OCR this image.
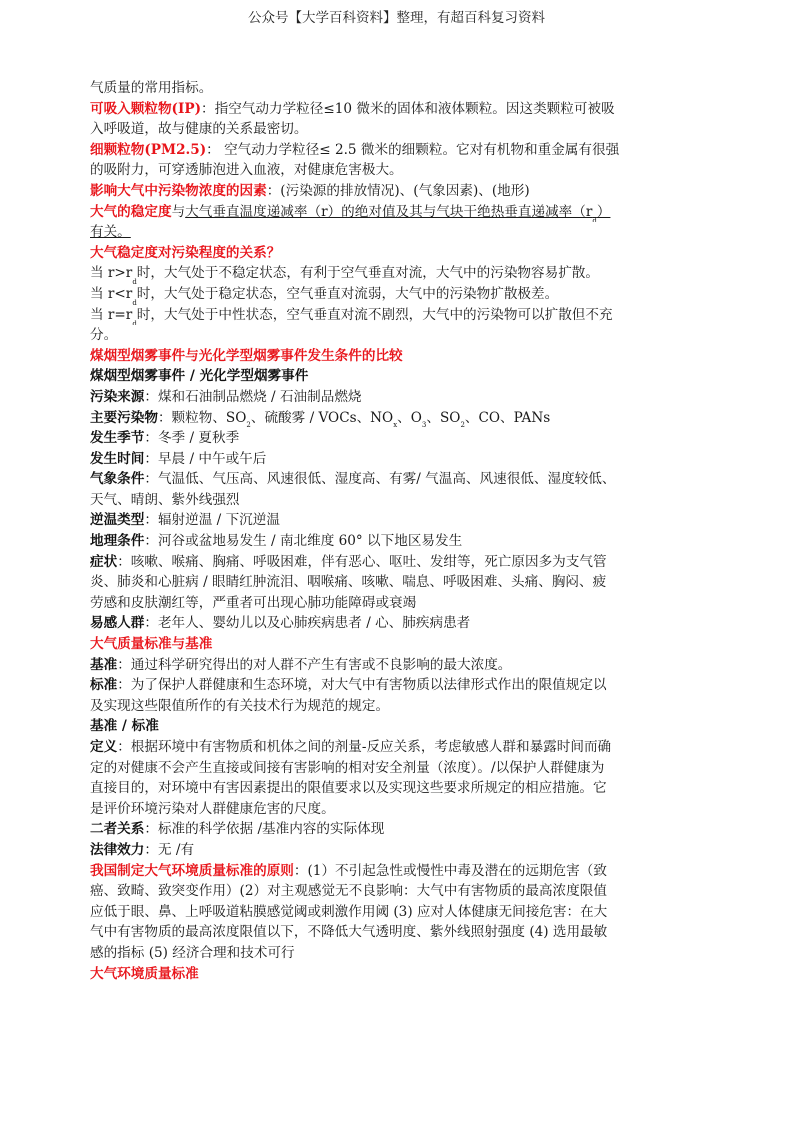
公众号【大学百科资料】整理，有超百科复习资料
气质量的常用指标。
可吸入颗粒物(IP)：指空气动力学粒径≤10 微米的固体和液体颗粒。因这类颗粒可被吸
入呼吸道，故与健康的关系最密切。
细颗粒物(PM2.5)： 空气动力学粒径≤ 2.5 微米的细颗粒。它对有机物和重金属有很强
的吸附力，可穿透肺泡进入血液，对健康危害极大。
影响大气中污染物浓度的因素：(污染源的排放情况)、(气象因素)、(地形)
大气的稳定度与大气垂直温度递减率（r）的绝对值及其与气块干绝热垂直递减率$(r_d)$
有关。
大气稳定度对污染程度的关系？
当 $r>r_d$时，大气处于不稳定状态，有利于空气垂直对流，大气中的污染物容易扩散。
当 $r<r_d$时，大气处于稳定状态，空气垂直对流弱，大气中的污染物扩散极差。
当 $r=r_d$时，大气处于中性状态，空气垂直对流不剧烈，大气中的污染物可以扩散但不充
分。
煤烟型烟雾事件与光化学型烟雾事件发生条件的比较
煤烟型烟雾事件 / 光化学型烟雾事件
污染来源：煤和石油制品燃烧 / 石油制品燃烧
主要污染物：颗粒物、$SO_2$、硫酸雾 / VOCs、$NO_x$、$O_3$、$SO_2$、CO、PANs
发生季节：冬季 / 夏秋季
发生时间：早晨 / 中午或午后
气象条件：气温低、气压高、风速很低、湿度高、有雾/ 气温高、风速很低、湿度较低、
天气、晴朗、紫外线强烈
逆温类型：辐射逆温 / 下沉逆温
地理条件：河谷或盆地易发生 / 南北维度 60° 以下地区易发生
症状：咳嗽、喉痛、胸痛、呼吸困难，伴有恶心、呕吐、发绀等，死亡原因多为支气管
炎、肺炎和心脏病 / 眼睛红肿流泪、咽喉痛、咳嗽、喘息、呼吸困难、头痛、胸闷、疲
劳感和皮肤潮红等，严重者可出现心肺功能障碍或衰竭
易感人群：老年人、婴幼儿以及心肺疾病患者 / 心、肺疾病患者
大气质量标准与基准
基准：通过科学研究得出的对人群不产生有害或不良影响的最大浓度。
标准：为了保护人群健康和生态环境，对大气中有害物质以法律形式作出的限值规定以
及实现这些限值所作的有关技术行为规范的规定。
基准 / 标准
定义：根据环境中有害物质和机体之间的剂量-反应关系，考虑敏感人群和暴露时间而确
定的对健康不会产生直接或间接有害影响的相对安全剂量（浓度）。/以保护人群健康为
直接目的，对环境中有害因素提出的限值要求以及实现这些要求所规定的相应措施。它
是评价环境污染对人群健康危害的尺度。
二者关系：标准的科学依据 /基准内容的实际体现
法律效力：无 /有
我国制定大气环境质量标准的原则：(1）不引起急性或慢性中毒及潜在的远期危害（致
癌、致畸、致突变作用）(2）对主观感觉无不良影响：大气中有害物质的最高浓度限值
应低于眼、鼻、上呼吸道粘膜感觉阈或刺激作用阈 (3) 应对人体健康无间接危害：在大
气中有害物质的最高浓度限值以下，不降低大气透明度、紫外线照射强度 (4) 选用最敏
感的指标 (5) 经济合理和技术可行
大气环境质量标准
